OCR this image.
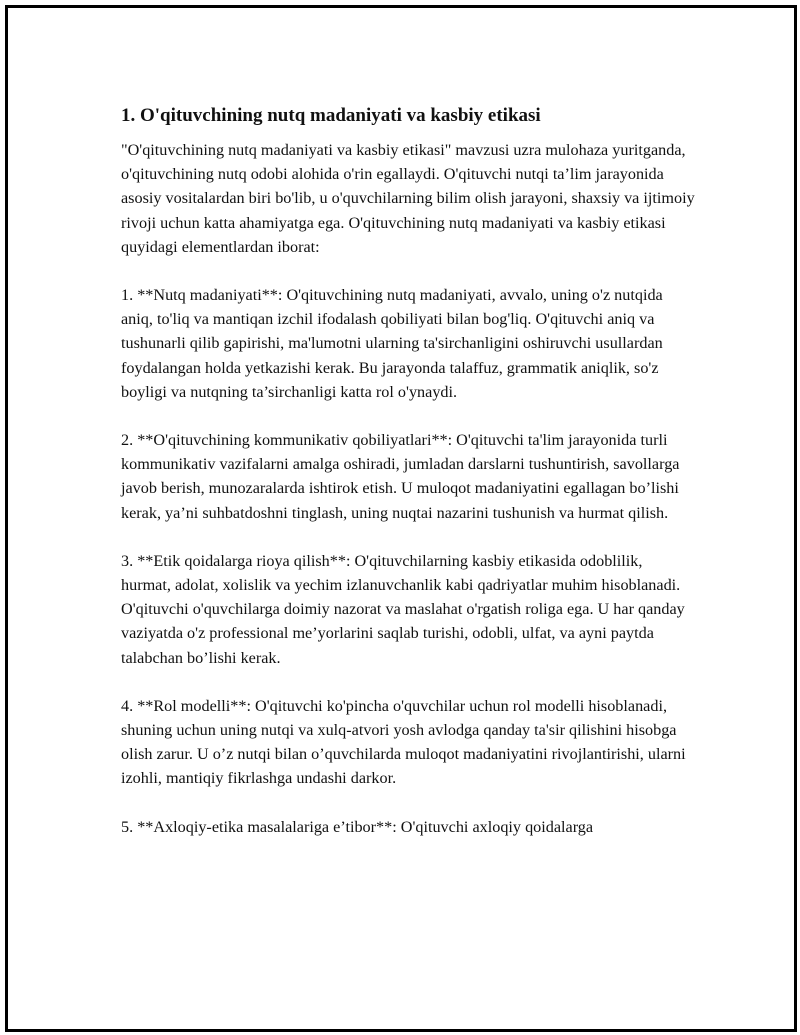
1. O'qituvchining nutq madaniyati va kasbiy etikasi

"O'qituvchining nutq madaniyati va kasbiy etikasi" mavzusi uzra mulohaza yuritganda, o'qituvchining nutq odobi alohida o'rin egallaydi. O'qituvchi nutqi ta’lim jarayonida asosiy vositalardan biri bo'lib, u o'quvchilarning bilim olish jarayoni, shaxsiy va ijtimoiy rivoji uchun katta ahamiyatga ega. O'qituvchining nutq madaniyati va kasbiy etikasi quyidagi elementlardan iborat:

1. **Nutq madaniyati**: O'qituvchining nutq madaniyati, avvalo, uning o'z nutqida aniq, to'liq va mantiqan izchil ifodalash qobiliyati bilan bog'liq. O'qituvchi aniq va tushunarli qilib gapirishi, ma'lumotni ularning ta'sirchanligini oshiruvchi usullardan foydalangan holda yetkazishi kerak. Bu jarayonda talaffuz, grammatik aniqlik, so'z boyligi va nutqning ta’sirchanligi katta rol o'ynaydi.

2. **O'qituvchining kommunikativ qobiliyatlari**: O'qituvchi ta'lim jarayonida turli kommunikativ vazifalarni amalga oshiradi, jumladan darslarni tushuntirish, savollarga javob berish, munozaralarda ishtirok etish. U muloqot madaniyatini egallagan bo’lishi kerak, ya’ni suhbatdoshni tinglash, uning nuqtai nazarini tushunish va hurmat qilish.

3. **Etik qoidalarga rioya qilish**: O'qituvchilarning kasbiy etikasida odoblilik, hurmat, adolat, xolislik va yechim izlanuvchanlik kabi qadriyatlar muhim hisoblanadi. O'qituvchi o'quvchilarga doimiy nazorat va maslahat o'rgatish roliga ega. U har qanday vaziyatda o'z professional me’yorlarini saqlab turishi, odobli, ulfat, va ayni paytda talabchan bo’lishi kerak.

4. **Rol modelli**: O'qituvchi ko'pincha o'quvchilar uchun rol modelli hisoblanadi, shuning uchun uning nutqi va xulq-atvori yosh avlodga qanday ta'sir qilishini hisobga olish zarur. U o’z nutqi bilan o’quvchilarda muloqot madaniyatini rivojlantirishi, ularni izohli, mantiqiy fikrlashga undashi darkor.

5. **Axloqiy-etika masalalariga e’tibor**: O'qituvchi axloqiy qoidalarga
